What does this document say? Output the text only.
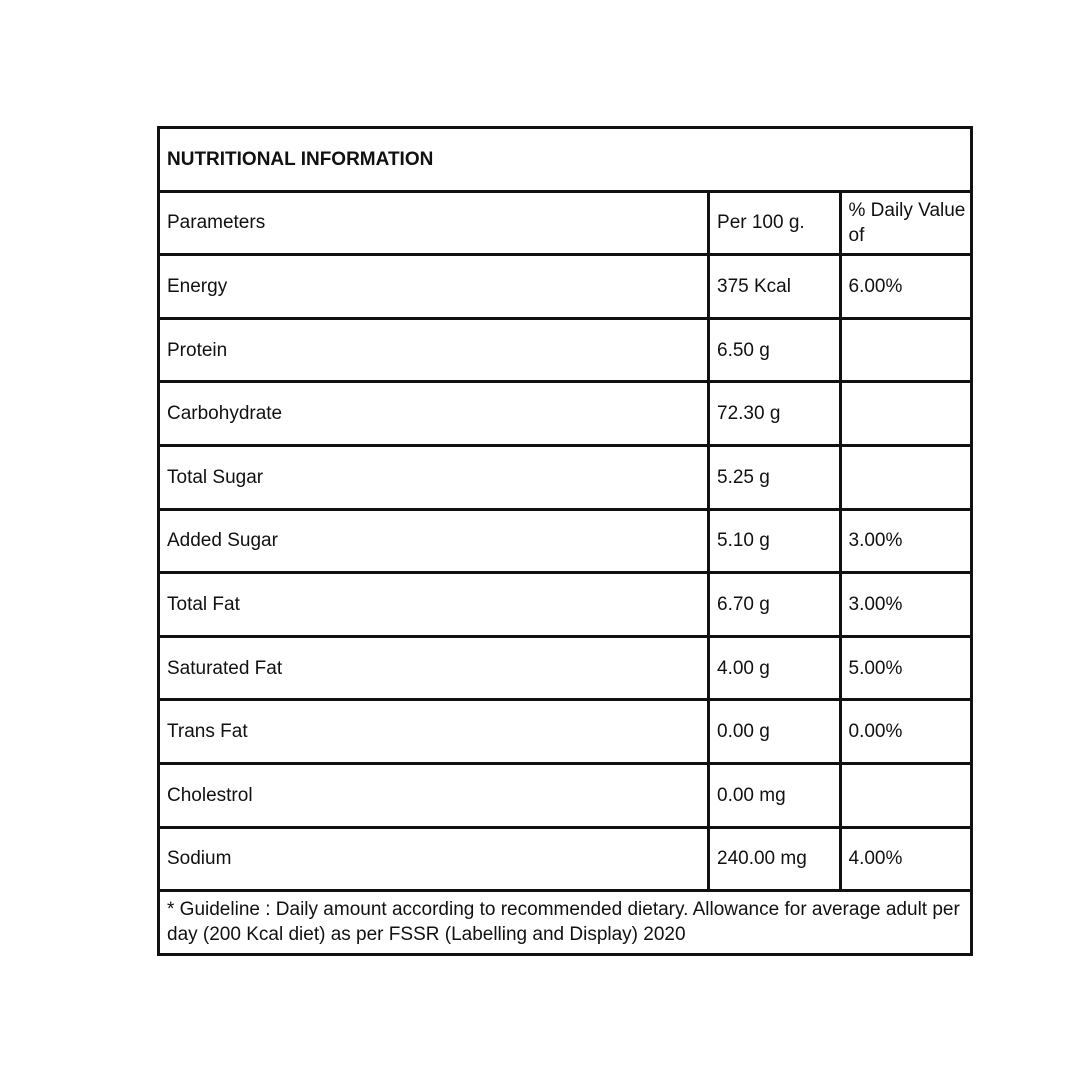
NUTRITIONAL INFORMATION		
Parameters	Per 100 g.	% Daily Value of
Energy	375 Kcal	6.00%
Protein	6.50 g	
Carbohydrate	72.30 g	
Total Sugar	5.25 g	
Added Sugar	5.10 g	3.00%
Total Fat	6.70 g	3.00%
Saturated Fat	4.00 g	5.00%
Trans Fat	0.00 g	0.00%
Cholestrol	0.00 mg	
Sodium	240.00 mg	4.00%
* Guideline : Daily amount according to recommended dietary. Allowance for average adult per day (200 Kcal diet) as per FSSR (Labelling and Display) 2020		
